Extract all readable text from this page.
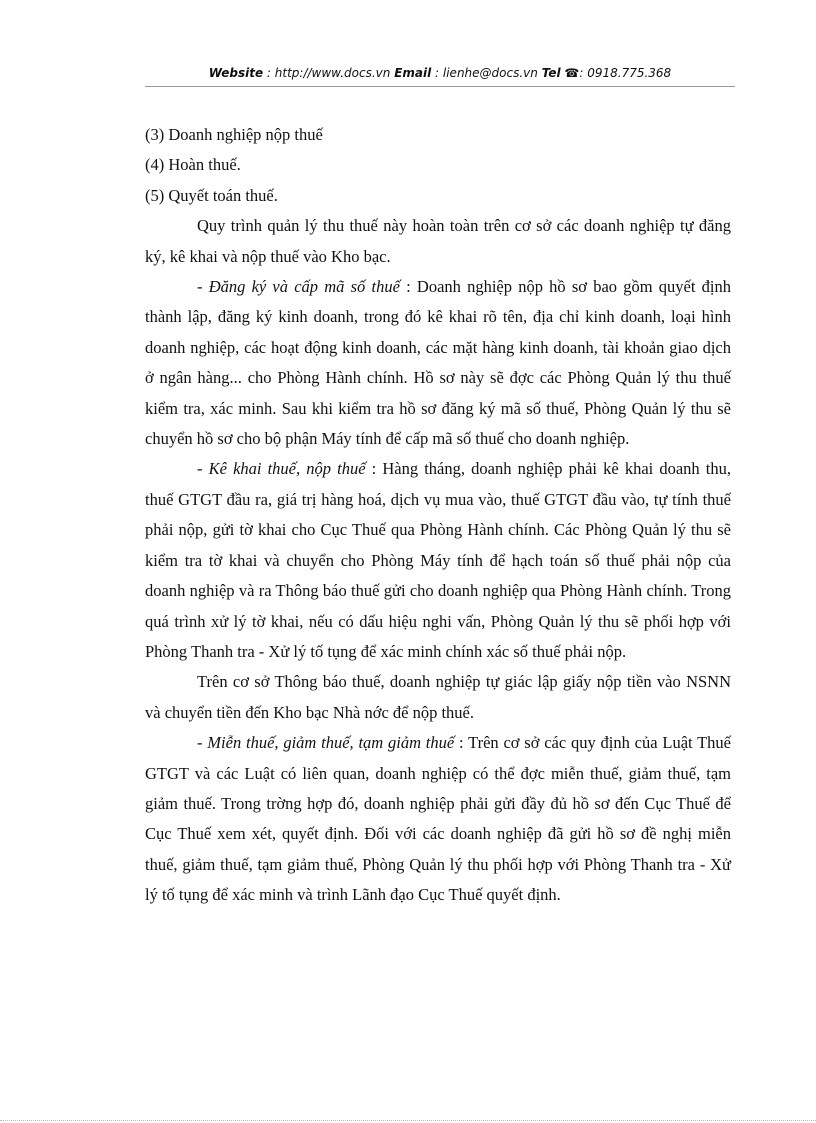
Website : http://www.docs.vn Email : lienhe@docs.vn Tel ☎: 0918.775.368

(3) Doanh nghiệp nộp thuế

(4) Hoàn thuế.

(5) Quyết toán thuế.

Quy trình quản lý thu thuế này hoàn toàn trên cơ sở các doanh nghiệp tự đăng ký, kê khai và nộp thuế vào Kho bạc.

- Đăng ký và cấp mã số thuế : Doanh nghiệp nộp hồ sơ bao gồm quyết định thành lập, đăng ký kinh doanh, trong đó kê khai rõ tên, địa chỉ kinh doanh, loại hình doanh nghiệp, các hoạt động kinh doanh, các mặt hàng kinh doanh, tài khoản giao dịch ở ngân hàng... cho Phòng Hành chính. Hồ sơ này sẽ đợc các Phòng Quản lý thu thuế kiểm tra, xác minh. Sau khi kiểm tra hồ sơ đăng ký mã số thuế, Phòng Quản lý thu sẽ chuyển hồ sơ cho bộ phận Máy tính để cấp mã số thuế cho doanh nghiệp.

- Kê khai thuế, nộp thuế : Hàng tháng, doanh nghiệp phải kê khai doanh thu, thuế GTGT đầu ra, giá trị hàng hoá, dịch vụ mua vào, thuế GTGT đầu vào, tự tính thuế phải nộp, gửi tờ khai cho Cục Thuế qua Phòng Hành chính. Các Phòng Quản lý thu sẽ kiểm tra tờ khai và chuyển cho Phòng Máy tính để hạch toán số thuế phải nộp của doanh nghiệp và ra Thông báo thuế gửi cho doanh nghiệp qua Phòng Hành chính. Trong quá trình xử lý tờ khai, nếu có dấu hiệu nghi vấn, Phòng Quản lý thu sẽ phối hợp với Phòng Thanh tra - Xử lý tố tụng để xác minh chính xác số thuế phải nộp.

Trên cơ sở Thông báo thuế, doanh nghiệp tự giác lập giấy nộp tiền vào NSNN và chuyển tiền đến Kho bạc Nhà nớc để nộp thuế.

- Miễn thuế, giảm thuế, tạm giảm thuế : Trên cơ sở các quy định của Luật Thuế GTGT và các Luật có liên quan, doanh nghiệp có thể đợc miễn thuế, giảm thuế, tạm giảm thuế. Trong trờng hợp đó, doanh nghiệp phải gửi đầy đủ hồ sơ đến Cục Thuế để Cục Thuế xem xét, quyết định. Đối với các doanh nghiệp đã gửi hồ sơ đề nghị miễn thuế, giảm thuế, tạm giảm thuế, Phòng Quản lý thu phối hợp với Phòng Thanh tra - Xử lý tố tụng để xác minh và trình Lãnh đạo Cục Thuế quyết định.
